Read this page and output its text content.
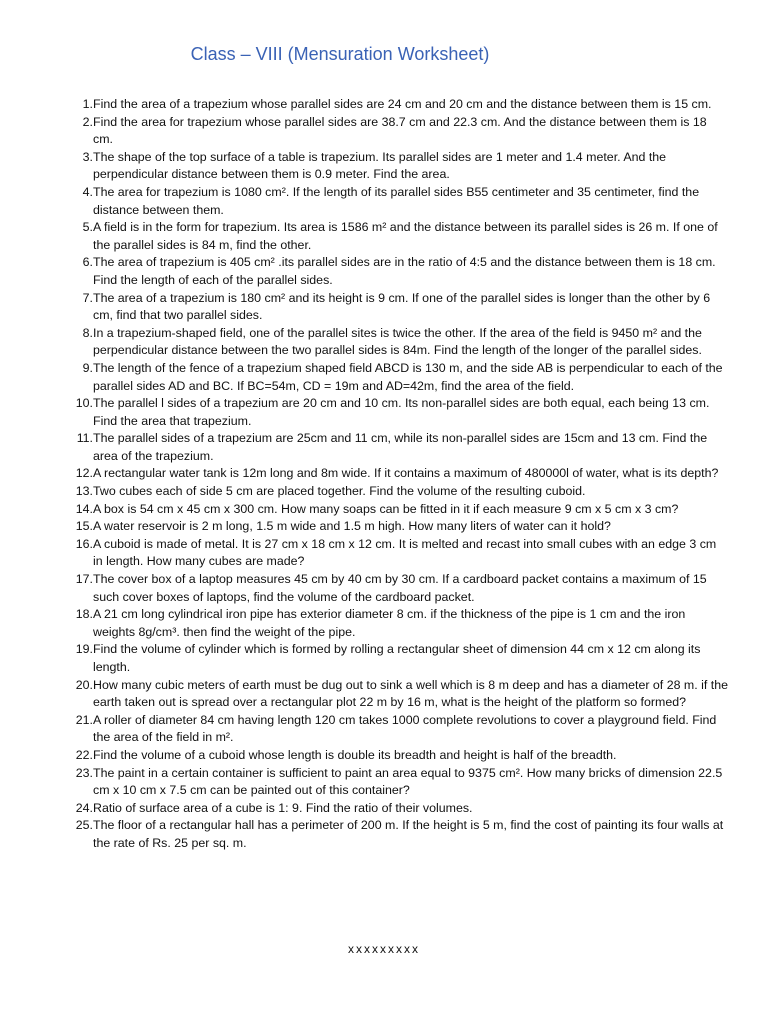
Class – VIII (Mensuration Worksheet)
1. Find the area of a trapezium whose parallel sides are 24 cm and 20 cm and the distance between them is 15 cm.
2. Find the area for trapezium whose parallel sides are 38.7 cm and 22.3 cm. And the distance between them is 18 cm.
3. The shape of the top surface of a table is trapezium. Its parallel sides are 1 meter and 1.4 meter. And the perpendicular distance between them is 0.9 meter. Find the area.
4. The area for trapezium is 1080 cm². If the length of its parallel sides B55 centimeter and 35 centimeter, find the distance between them.
5. A field is in the form for trapezium. Its area is 1586 m² and the distance between its parallel sides is 26 m. If one of the parallel sides is 84 m, find the other.
6. The area of trapezium is 405 cm² .its parallel sides are in the ratio of 4:5 and the distance between them is 18 cm. Find the length of each of the parallel sides.
7. The area of a trapezium is 180 cm² and its height is 9 cm. If one of the parallel sides is longer than the other by 6 cm, find that two parallel sides.
8. In a trapezium-shaped field, one of the parallel sites is twice the other. If the area of the field is 9450 m² and the perpendicular distance between the two parallel sides is 84m. Find the length of the longer of the parallel sides.
9. The length of the fence of a trapezium shaped field ABCD is 130 m, and the side AB is perpendicular to each of the parallel sides AD and BC. If BC=54m, CD = 19m and AD=42m, find the area of the field.
10. The parallel l sides of a trapezium are 20 cm and 10 cm. Its non-parallel sides are both equal, each being 13 cm. Find the area that trapezium.
11. The parallel sides of a trapezium are 25cm and 11 cm, while its non-parallel sides are 15cm and 13 cm. Find the area of the trapezium.
12. A rectangular water tank is 12m long and 8m wide. If it contains a maximum of 480000l of water, what is its depth?
13. Two cubes each of side 5 cm are placed together. Find the volume of the resulting cuboid.
14. A box is 54 cm x 45 cm x 300 cm. How many soaps can be fitted in it if each measure 9 cm x 5 cm x 3 cm?
15. A water reservoir is 2 m long, 1.5 m wide and 1.5 m high. How many liters of water can it hold?
16. A cuboid is made of metal. It is 27 cm x 18 cm x 12 cm. It is melted and recast into small cubes with an edge 3 cm in length. How many cubes are made?
17. The cover box of a laptop measures 45 cm by 40 cm by 30 cm. If a cardboard packet contains a maximum of 15 such cover boxes of laptops, find the volume of the cardboard packet.
18. A 21 cm long cylindrical iron pipe has exterior diameter 8 cm. if the thickness of the pipe is 1 cm and the iron weights 8g/cm³. then find the weight of the pipe.
19. Find the volume of cylinder which is formed by rolling a rectangular sheet of dimension 44 cm x 12 cm along its length.
20. How many cubic meters of earth must be dug out to sink a well which is 8 m deep and has a diameter of 28 m. if the earth taken out is spread over a rectangular plot 22 m by 16 m, what is the height of the platform so formed?
21. A roller of diameter 84 cm having length 120 cm takes 1000 complete revolutions to cover a playground field. Find the area of the field in m².
22. Find the volume of a cuboid whose length is double its breadth and height is half of the breadth.
23. The paint in a certain container is sufficient to paint an area equal to 9375 cm². How many bricks of dimension 22.5 cm x 10 cm x 7.5 cm can be painted out of this container?
24. Ratio of surface area of a cube is 1: 9. Find the ratio of their volumes.
25. The floor of a rectangular hall has a perimeter of 200 m. If the height is 5 m, find the cost of painting its four walls at the rate of Rs. 25 per sq. m.
xxxxxxxxx
